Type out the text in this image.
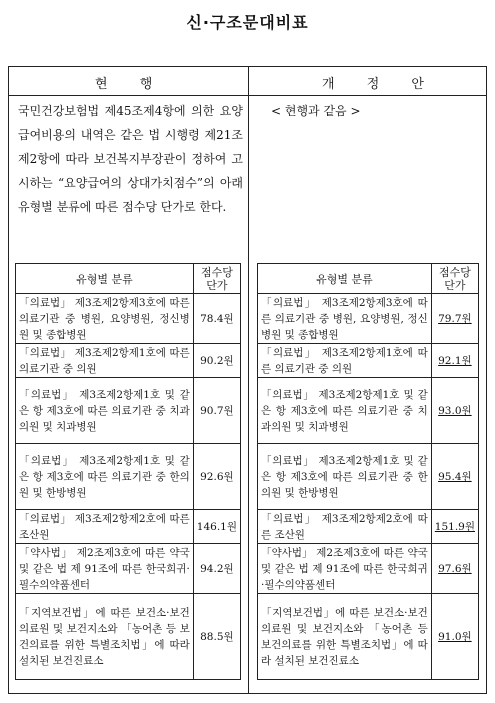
신·구조문대비표
현 행	개 정 안
국민건강보험법 제45조제4항에 의한 요양급여비용의 내역은 같은 법 시행령 제21조제2항에 따라 보건복지부장관이 정하여 고시하는 “요양급여의 상대가치점수”의 아래 유형별 분류에 따른 점수당 단가로 한다.
< 현행과 같음 >
유형별 분류	점수당 단가
「의료법」 제3조제2항제3호에 따른 의료기관 중 병원, 요양병원, 정신병원 및 종합병원	78.4원
「의료법」 제3조제2항제1호에 따른 의료기관 중 의원	90.2원
「의료법」 제3조제2항제1호 및 같은 항 제3호에 따른 의료기관 중 치과의원 및 치과병원	90.7원
「의료법」 제3조제2항제1호 및 같은 항 제3호에 따른 의료기관 중 한의원 및 한방병원	92.6원
「의료법」 제3조제2항제2호에 따른 조산원	146.1원
「약사법」 제2조제3호에 따른 약국 및 같은 법 제 91조에 따른 한국희귀·필수의약품센터	94.2원
「지역보건법」에 따른 보건소·보건의료원 및 보건지소와 「농어촌 등 보건의료를 위한 특별조치법」에 따라 설치된 보건진료소	88.5원
유형별 분류	점수당 단가
「의료법」 제3조제2항제3호에 따른 의료기관 중 병원, 요양병원, 정신병원 및 종합병원	79.7원
「의료법」 제3조제2항제1호에 따른 의료기관 중 의원	92.1원
「의료법」 제3조제2항제1호 및 같은 항 제3호에 따른 의료기관 중 치과의원 및 치과병원	93.0원
「의료법」 제3조제2항제1호 및 같은 항 제3호에 따른 의료기관 중 한의원 및 한방병원	95.4원
「의료법」 제3조제2항제2호에 따른 조산원	151.9원
「약사법」 제2조제3호에 따른 약국 및 같은 법 제 91조에 따른 한국희귀·필수의약품센터	97.6원
「지역보건법」에 따른 보건소·보건의료원 및 보건지소와 「농어촌 등 보건의료를 위한 특별조치법」에 따라 설치된 보건진료소	91.0원
